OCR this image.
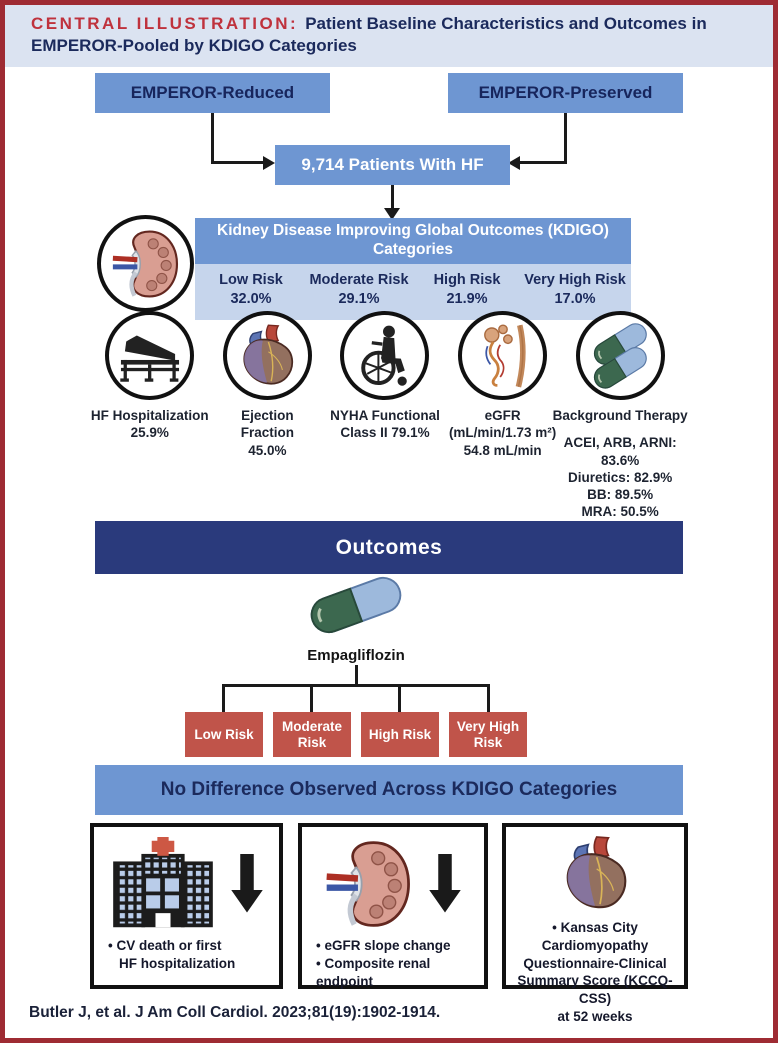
CENTRAL ILLUSTRATION: Patient Baseline Characteristics and Outcomes in EMPEROR-Pooled by KDIGO Categories
EMPEROR-Reduced	EMPEROR-Preserved
9,714 Patients With HF
Kidney Disease Improving Global Outcomes (KDIGO) Categories
Low Risk
32.0%
Moderate Risk
29.1%
High Risk
21.9%
Very High Risk
17.0%
HF Hospitalization
25.9%
Ejection
Fraction
45.0%
NYHA Functional
Class II 79.1%
eGFR
(mL/min/1.73 m²)
54.8 mL/min
Background Therapy
ACEI, ARB, ARNI:
83.6%
Diuretics: 82.9%
BB: 89.5%
MRA: 50.5%
Outcomes
Empagliflozin
Low Risk
Moderate Risk
High Risk
Very High Risk
No Difference Observed Across KDIGO Categories
• CV death or first
HF hospitalization
• eGFR slope change
• Composite renal endpoint
• Kansas City Cardiomyopathy
Questionnaire-Clinical
Summary Score (KCCQ-CSS)
at 52 weeks
Butler J, et al. J Am Coll Cardiol. 2023;81(19):1902-1914.
